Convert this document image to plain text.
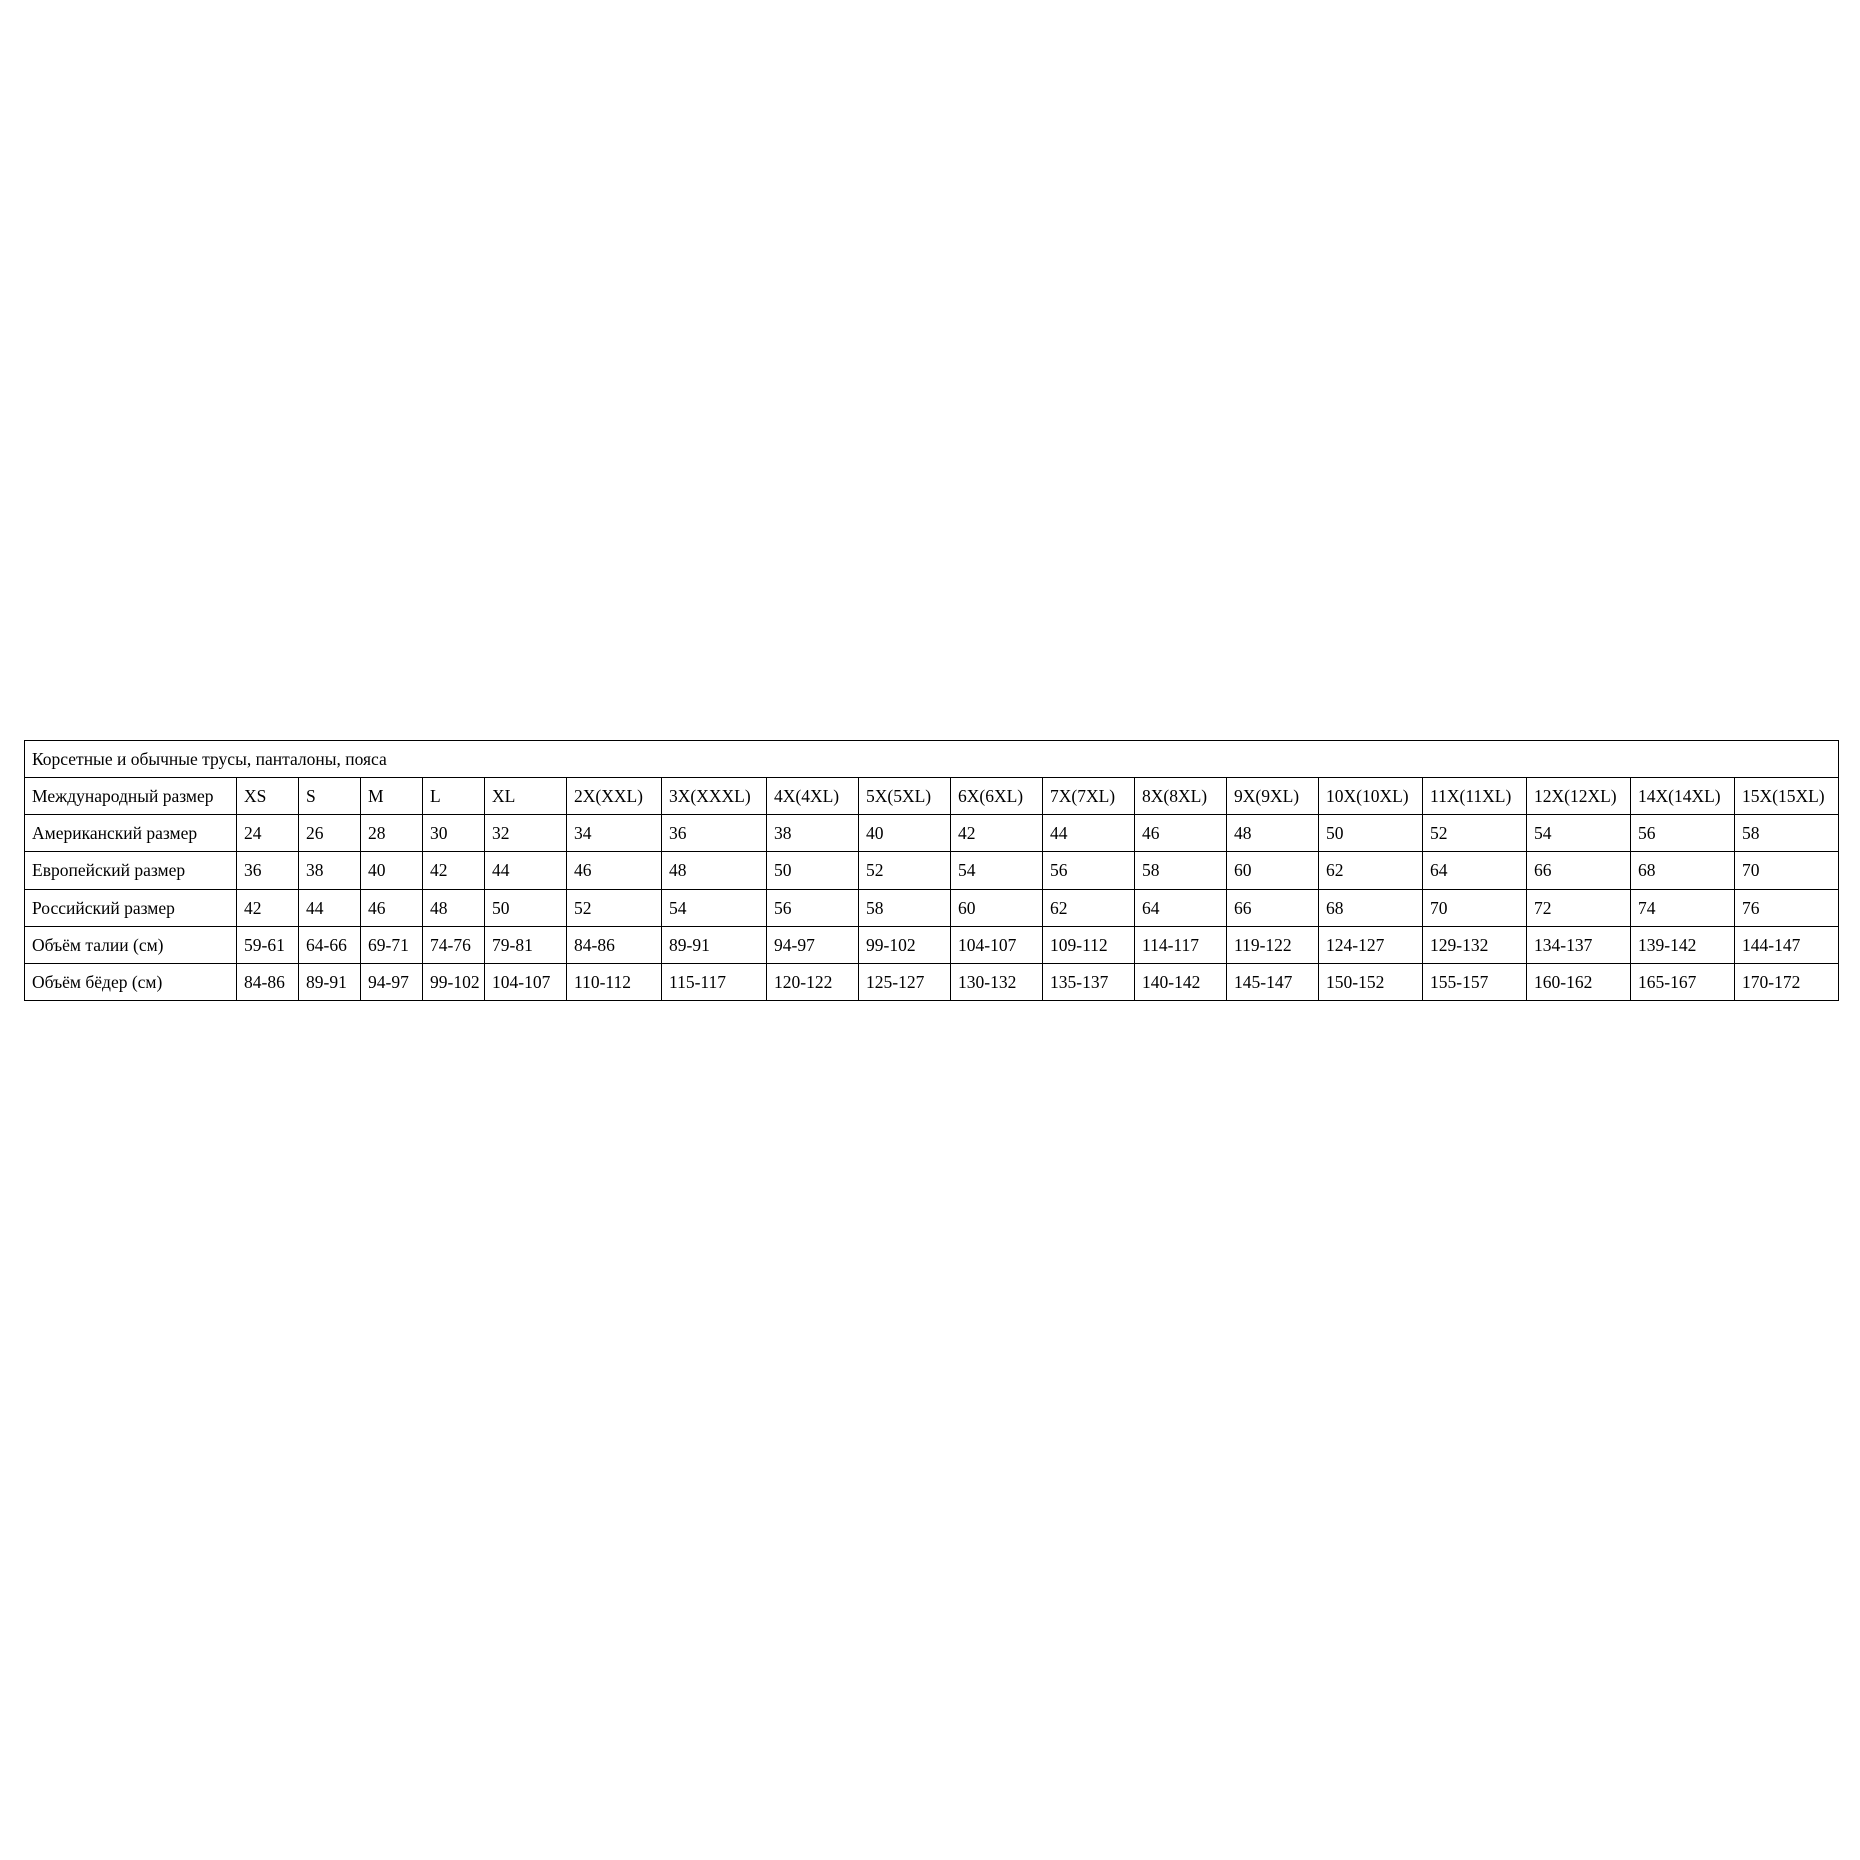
Корсетные и обычные трусы, панталоны, пояса																		
Международный размер	XS	S	M	L	XL	2X(XXL)	3X(XXXL)	4X(4XL)	5X(5XL)	6X(6XL)	7X(7XL)	8X(8XL)	9X(9XL)	10X(10XL)	11X(11XL)	12X(12XL)	14X(14XL)	15X(15XL)
Американский размер	24	26	28	30	32	34	36	38	40	42	44	46	48	50	52	54	56	58
Европейский размер	36	38	40	42	44	46	48	50	52	54	56	58	60	62	64	66	68	70
Российский размер	42	44	46	48	50	52	54	56	58	60	62	64	66	68	70	72	74	76
Объём талии (см)	59-61	64-66	69-71	74-76	79-81	84-86	89-91	94-97	99-102	104-107	109-112	114-117	119-122	124-127	129-132	134-137	139-142	144-147
Объём бёдер (см)	84-86	89-91	94-97	99-102	104-107	110-112	115-117	120-122	125-127	130-132	135-137	140-142	145-147	150-152	155-157	160-162	165-167	170-172
